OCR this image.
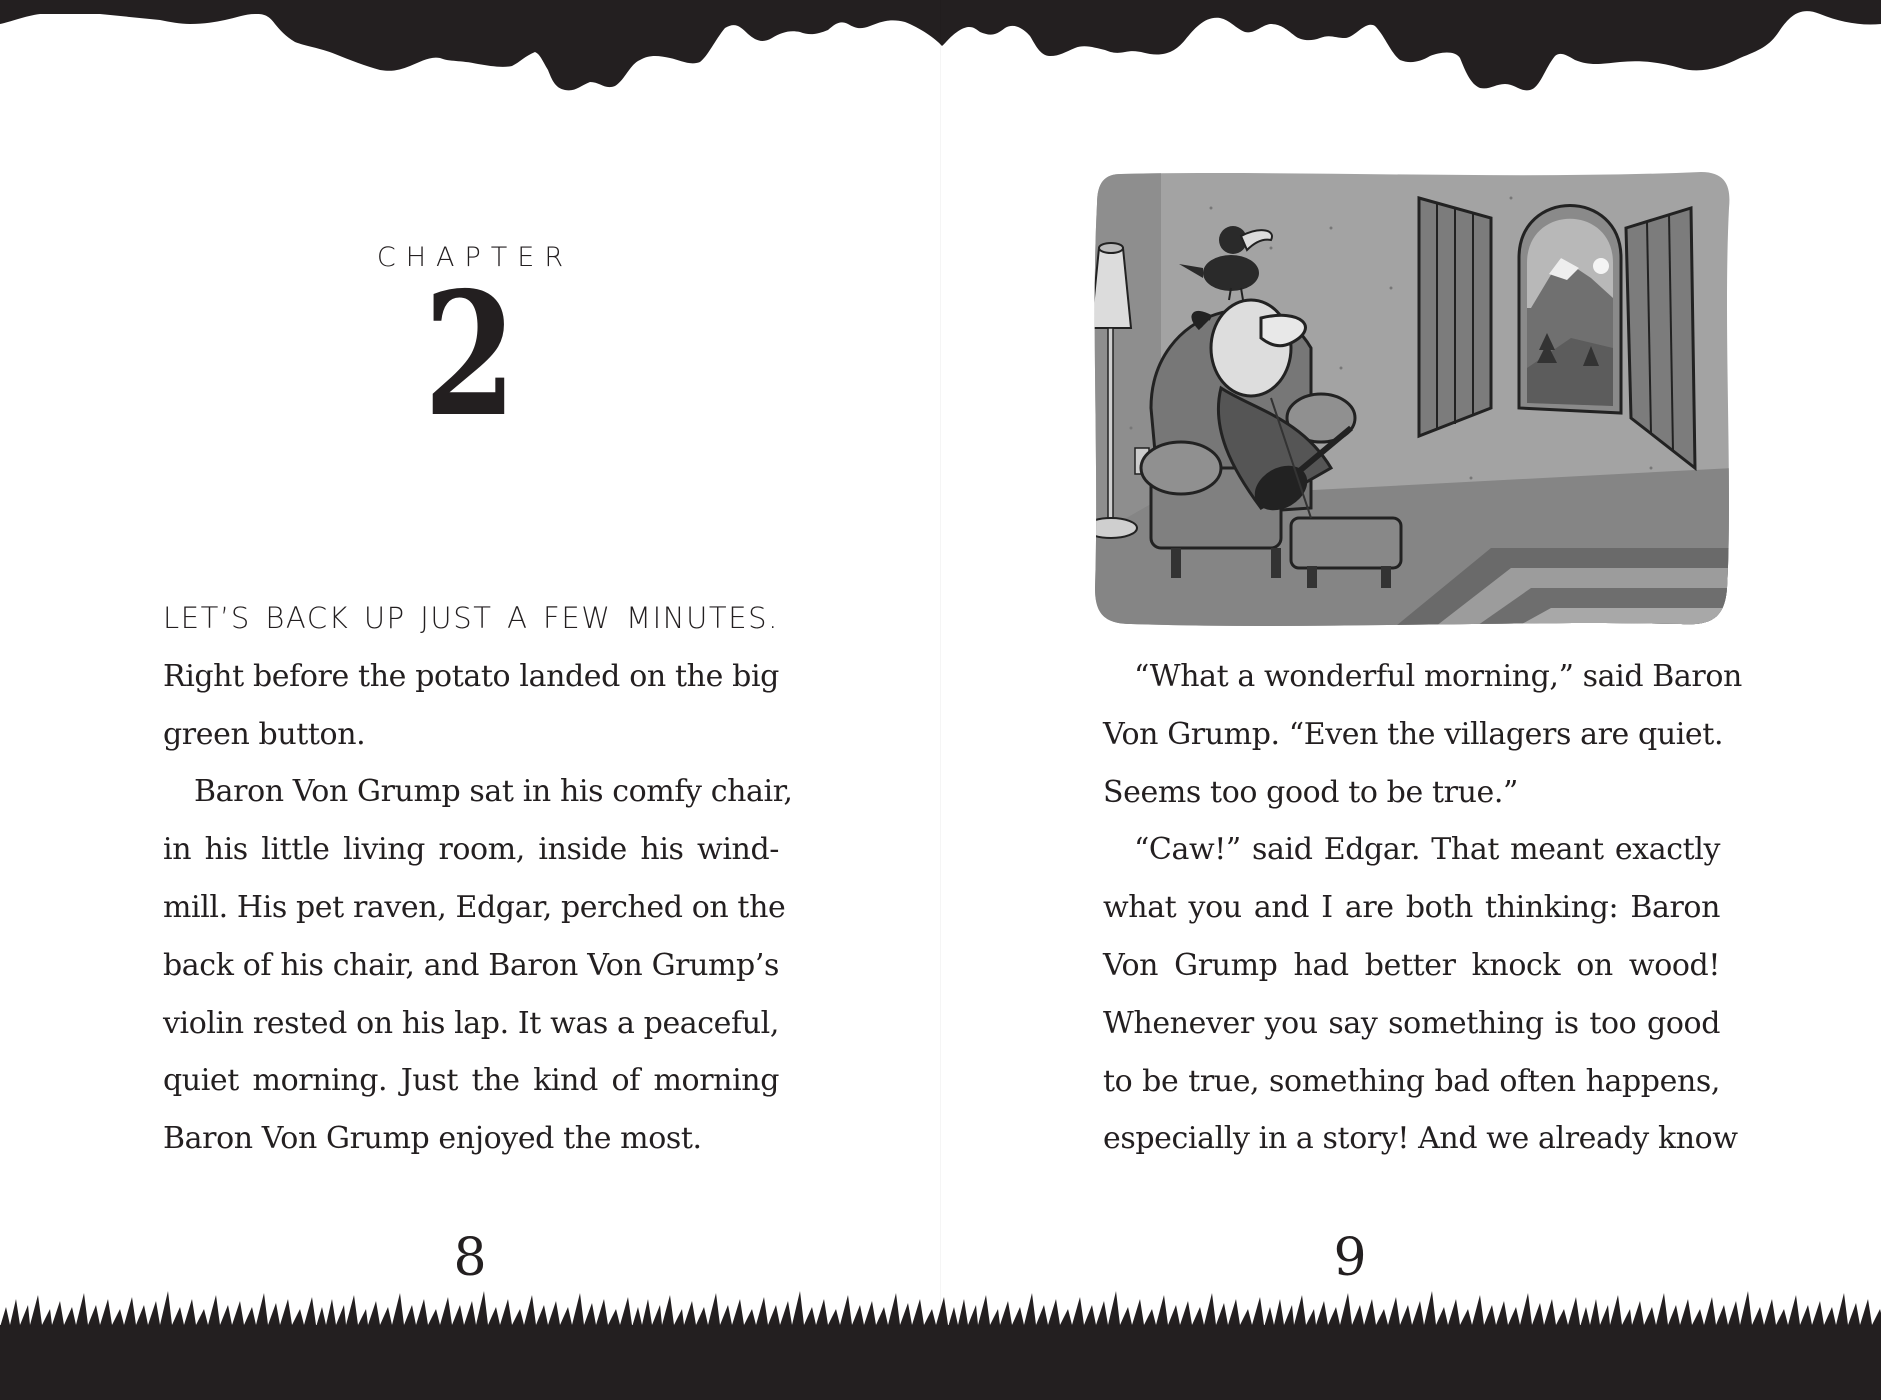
CHAPTER
2
LET’S BACK UP JUST A FEW MINUTES.
Right before the potato landed on the big
green button.
Baron Von Grump sat in his comfy chair,
in his little living room, inside his wind-
mill. His pet raven, Edgar, perched on the
back of his chair, and Baron Von Grump’s
violin rested on his lap. It was a peaceful,
quiet morning. Just the kind of morning
Baron Von Grump enjoyed the most.
8
“What a wonderful morning,” said Baron
Von Grump. “Even the villagers are quiet.
Seems too good to be true.”
“Caw!” said Edgar. That meant exactly
what you and I are both thinking: Baron
Von Grump had better knock on wood!
Whenever you say something is too good
to be true, something bad often happens,
especially in a story! And we already know
9
